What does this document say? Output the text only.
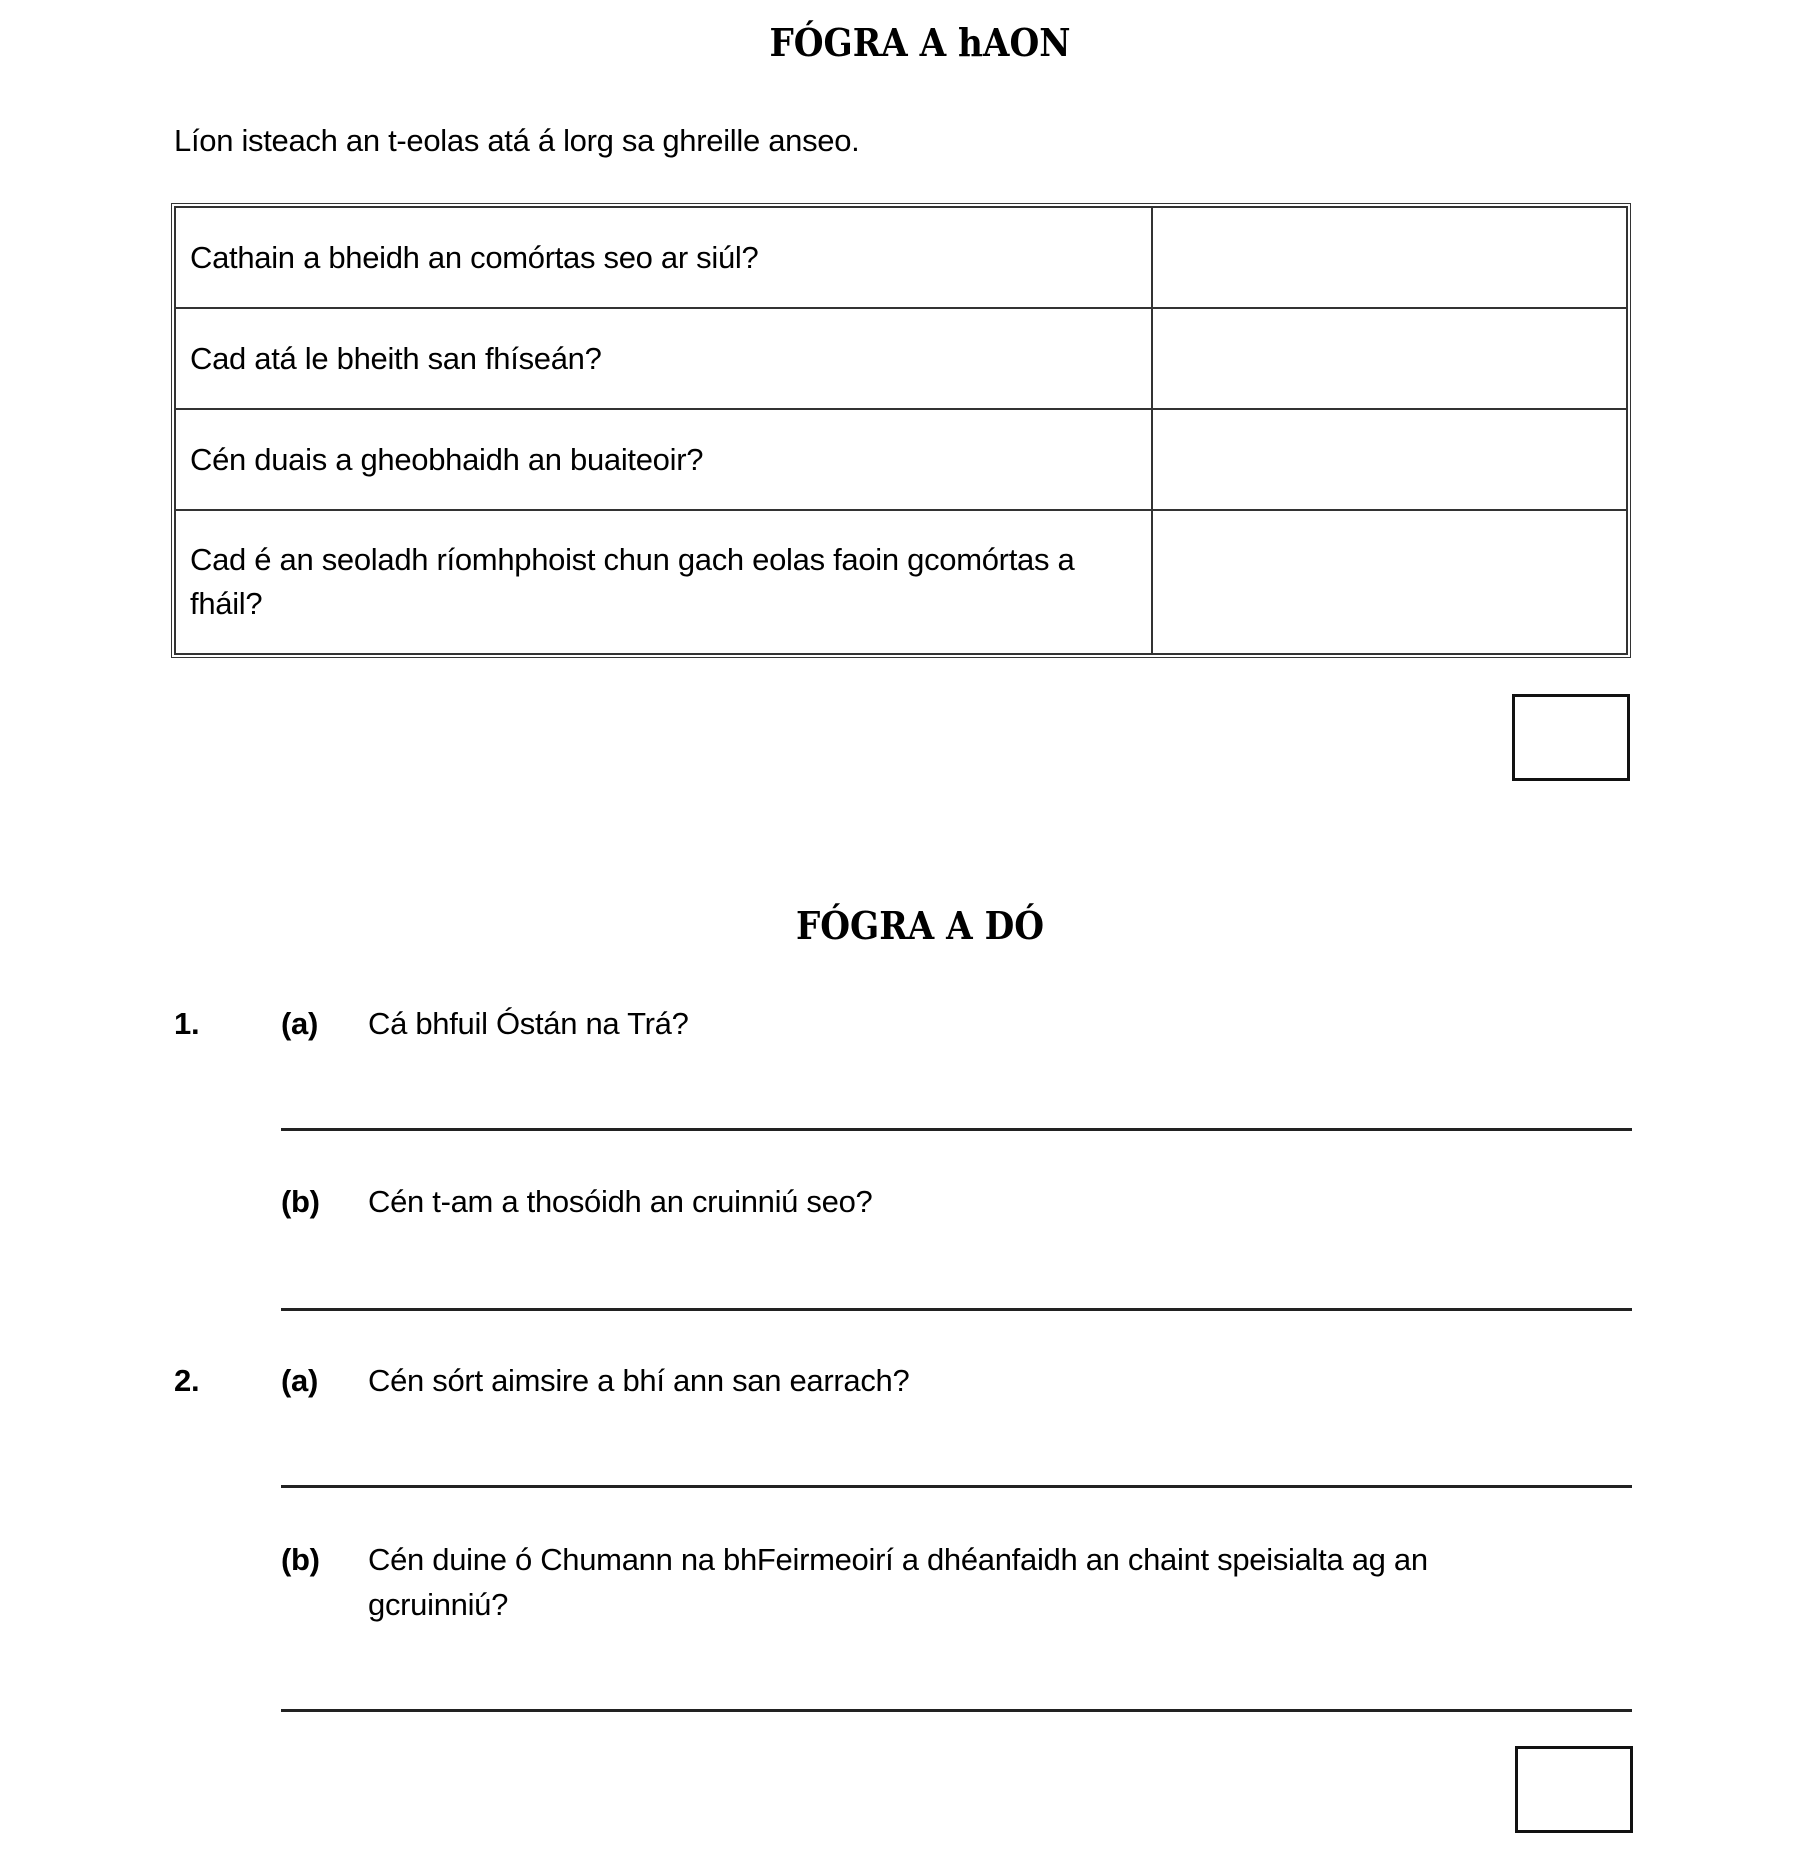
FÓGRA A hAON
Líon isteach an t-eolas atá á lorg sa ghreille anseo.
Cathain a bheidh an comórtas seo ar siúl?	
Cad atá le bheith san fhíseán?	
Cén duais a gheobhaidh an buaiteoir?	
Cad é an seoladh ríomhphoist chun gach eolas faoin gcomórtas a fháil?	
FÓGRA A DÓ
1.	(a) Cá bhfuil Óstán na Trá?
(b) Cén t-am a thosóidh an cruinniú seo?
2.	(a) Cén sórt aimsire a bhí ann san earrach?
(b) Cén duine ó Chumann na bhFeirmeoirí a dhéanfaidh an chaint speisialta ag an
gcruinniú?
